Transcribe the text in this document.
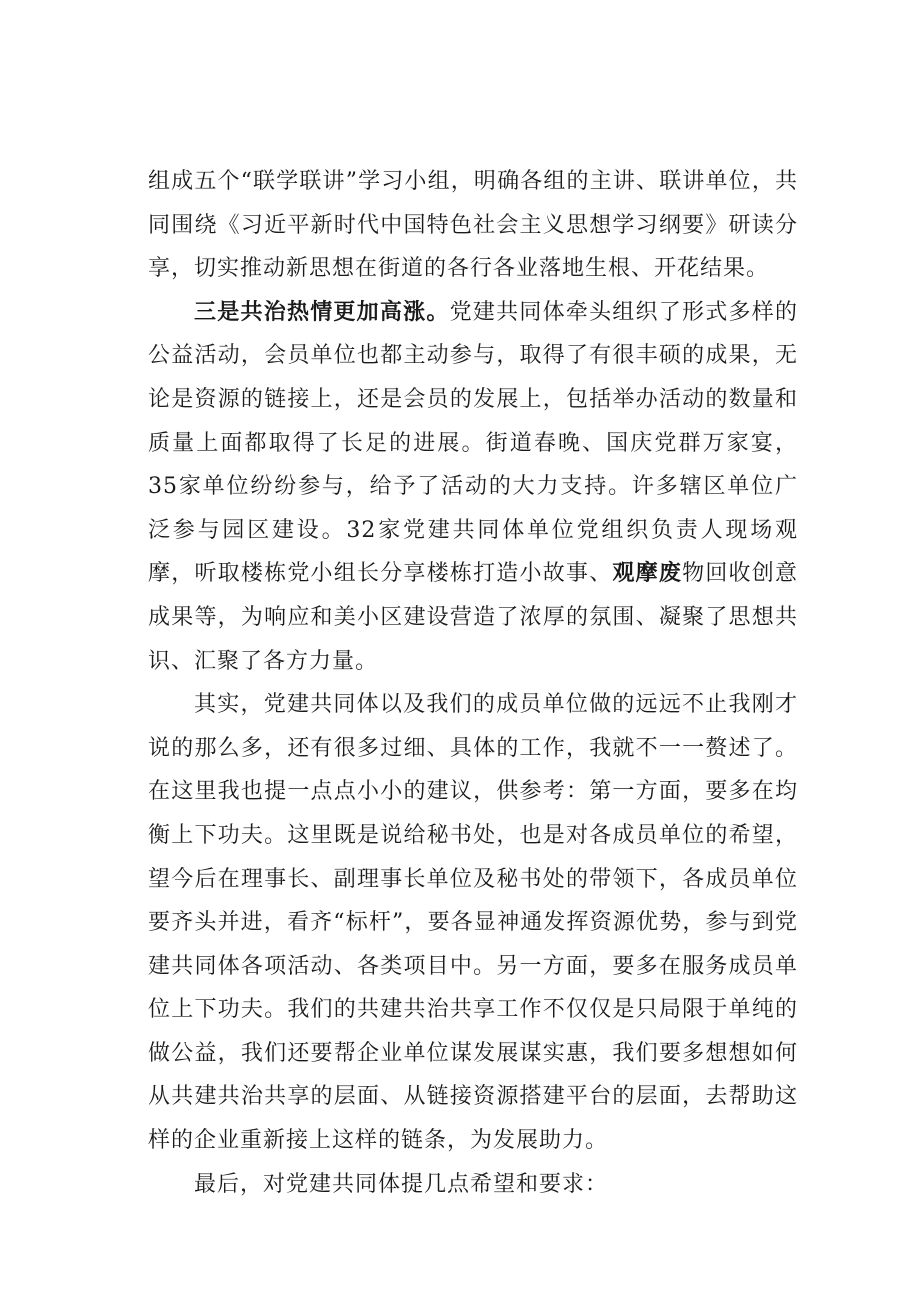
组成五个“联学联讲”学习小组，明确各组的主讲、联讲单位，共同围绕《习近平新时代中国特色社会主义思想学习纲要》研读分享，切实推动新思想在街道的各行各业落地生根、开花结果。

三是共治热情更加高涨。党建共同体牵头组织了形式多样的公益活动，会员单位也都主动参与，取得了有很丰硕的成果，无论是资源的链接上，还是会员的发展上，包括举办活动的数量和质量上面都取得了长足的进展。街道春晚、国庆党群万家宴，35家单位纷纷参与，给予了活动的大力支持。许多辖区单位广泛参与园区建设。32家党建共同体单位党组织负责人现场观摩，听取楼栋党小组长分享楼栋打造小故事、观摩废物回收创意成果等，为响应和美小区建设营造了浓厚的氛围、凝聚了思想共识、汇聚了各方力量。

其实，党建共同体以及我们的成员单位做的远远不止我刚才说的那么多，还有很多过细、具体的工作，我就不一一赘述了。在这里我也提一点点小小的建议，供参考：第一方面，要多在均衡上下功夫。这里既是说给秘书处，也是对各成员单位的希望，望今后在理事长、副理事长单位及秘书处的带领下，各成员单位要齐头并进，看齐“标杆”，要各显神通发挥资源优势，参与到党建共同体各项活动、各类项目中。另一方面，要多在服务成员单位上下功夫。我们的共建共治共享工作不仅仅是只局限于单纯的做公益，我们还要帮企业单位谋发展谋实惠，我们要多想想如何从共建共治共享的层面、从链接资源搭建平台的层面，去帮助这样的企业重新接上这样的链条，为发展助力。

最后，对党建共同体提几点希望和要求：
